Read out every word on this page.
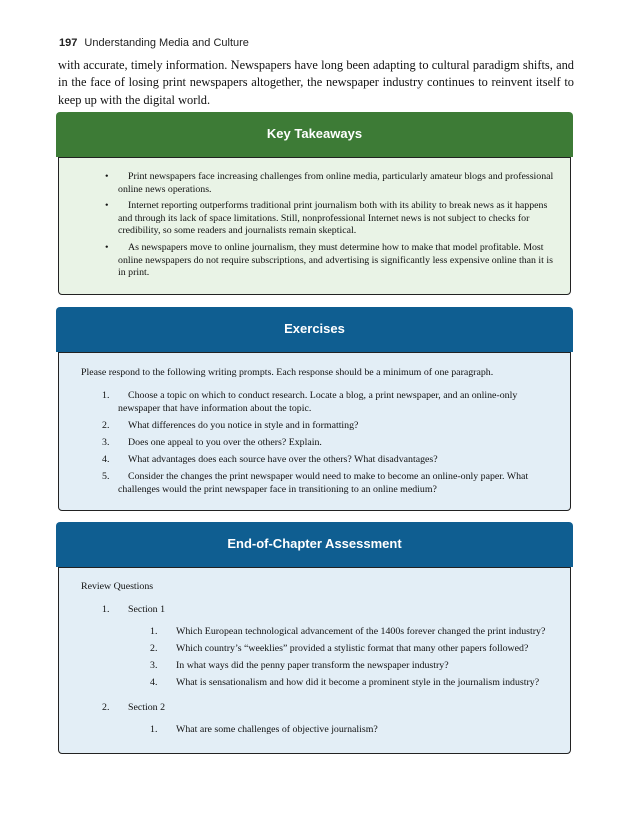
197 Understanding Media and Culture
with accurate, timely information. Newspapers have long been adapting to cultural paradigm shifts, and in the face of losing print newspapers altogether, the newspaper industry continues to reinvent itself to keep up with the digital world.
Key Takeaways
• Print newspapers face increasing challenges from online media, particularly amateur blogs and professional online news operations.
• Internet reporting outperforms traditional print journalism both with its ability to break news as it happens and through its lack of space limitations. Still, nonprofessional Internet news is not subject to checks for credibility, so some readers and journalists remain skeptical.
• As newspapers move to online journalism, they must determine how to make that model profitable. Most online newspapers do not require subscriptions, and advertising is significantly less expensive online than it is in print.
Exercises
Please respond to the following writing prompts. Each response should be a minimum of one paragraph.
1. Choose a topic on which to conduct research. Locate a blog, a print newspaper, and an online-only newspaper that have information about the topic.
2. What differences do you notice in style and in formatting?
3. Does one appeal to you over the others? Explain.
4. What advantages does each source have over the others? What disadvantages?
5. Consider the changes the print newspaper would need to make to become an online-only paper. What challenges would the print newspaper face in transitioning to an online medium?
End-of-Chapter Assessment
Review Questions
1. Section 1
1. Which European technological advancement of the 1400s forever changed the print industry?
2. Which country’s “weeklies” provided a stylistic format that many other papers followed?
3. In what ways did the penny paper transform the newspaper industry?
4. What is sensationalism and how did it become a prominent style in the journalism industry?
2. Section 2
1. What are some challenges of objective journalism?
